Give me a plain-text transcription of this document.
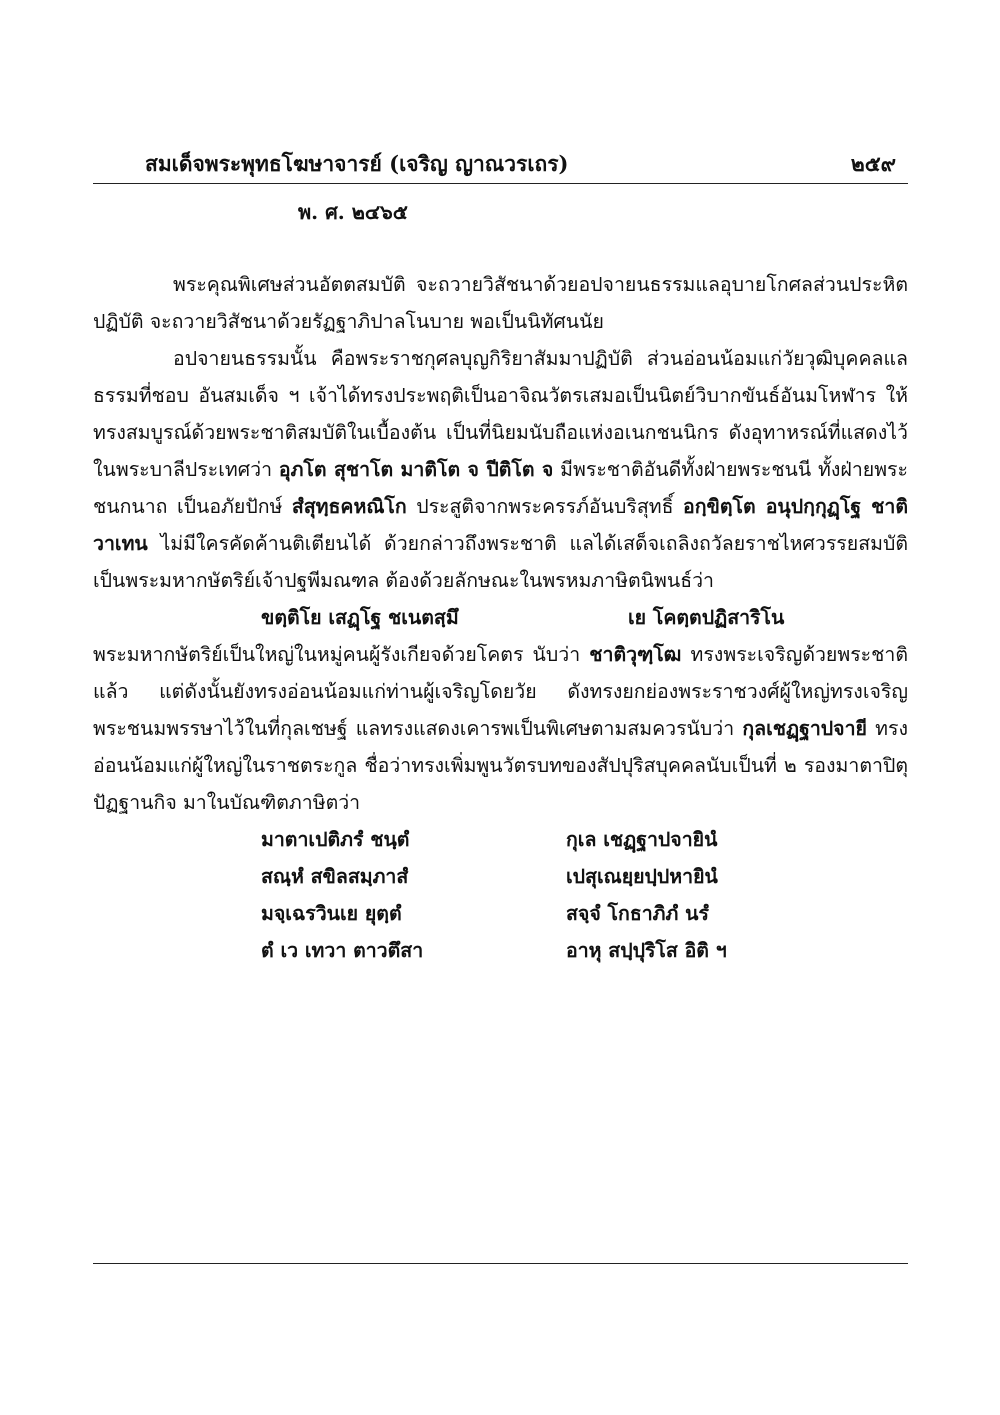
สมเด็จพระพุทธโฆษาจารย์ (เจริญ ญาณวรเถร)	๒๕๙
พ. ศ. ๒๔๖๕

พระคุณพิเศษส่วนอัตตสมบัติ จะถวายวิสัชนาด้วยอปจายนธรรมแลอุบายโกศลส่วนประหิตปฏิบัติ จะถวายวิสัชนาด้วยรัฏฐาภิปาลโนบาย พอเป็นนิทัศนนัย

อปจายนธรรมนั้น คือพระราชกุศลบุญกิริยาสัมมาปฏิบัติ ส่วนอ่อนน้อมแก่วัยวุฒิบุคคลแลธรรมที่ชอบ อันสมเด็จ ฯ เจ้าได้ทรงประพฤติเป็นอาจิณวัตรเสมอเป็นนิตย์วิบากขันธ์อันมโหฬาร ให้ทรงสมบูรณ์ด้วยพระชาติสมบัติในเบื้องต้น เป็นที่นิยมนับถือแห่งอเนกชนนิกร ดังอุทาหรณ์ที่แสดงไว้ในพระบาลีประเทศว่า อุภโต สุชาโต มาติโต จ ปีติโต จ มีพระชาติอันดีทั้งฝ่ายพระชนนี ทั้งฝ่ายพระชนกนาถ เป็นอภัยปักษ์ สํสุทฺธคหณิโก ประสูติจากพระครรภ์อันบริสุทธิ์ อกฺขิตฺโต อนุปกฺกุฏฺโฐ ชาติวาเทน ไม่มีใครคัดค้านติเตียนได้ ด้วยกล่าวถึงพระชาติ แลได้เสด็จเถลิงถวัลยราชไหศวรรยสมบัติเป็นพระมหากษัตริย์เจ้าปฐพีมณฑล ต้องด้วยลักษณะในพรหมภาษิตนิพนธ์ว่า

ขตฺติโย เสฏฺโฐ ชเนตสฺมึ	เย โคตฺตปฏิสาริโน

พระมหากษัตริย์เป็นใหญ่ในหมู่คนผู้รังเกียจด้วยโคตร นับว่า ชาติวุฑฺโฒ ทรงพระเจริญด้วยพระชาติแล้ว แต่ดังนั้นยังทรงอ่อนน้อมแก่ท่านผู้เจริญโดยวัย ดังทรงยกย่องพระราชวงศ์ผู้ใหญ่ทรงเจริญพระชนมพรรษาไว้ในที่กุลเชษฐ์ แลทรงแสดงเคารพเป็นพิเศษตามสมควรนับว่า กุลเชฏฺฐาปจายี ทรงอ่อนน้อมแก่ผู้ใหญ่ในราชตระกูล ชื่อว่าทรงเพิ่มพูนวัตรบทของสัปปุริสบุคคลนับเป็นที่ ๒ รองมาตาปิตุปัฏฐานกิจ มาในบัณฑิตภาษิตว่า

มาตาเปติภรํ ชนฺตํ	กุเล เชฏฺฐาปจายินํ
สณฺหํ สขิลสมฺภาสํ	เปสุเณยฺยปฺปหายินํ
มจฺเฉรวินเย ยุตฺตํ	สจฺจํ โกธาภิภํ นรํ
ตํ เว เทวา ตาวตึสา	อาหุ สปฺปุริโส อิติ ฯ
